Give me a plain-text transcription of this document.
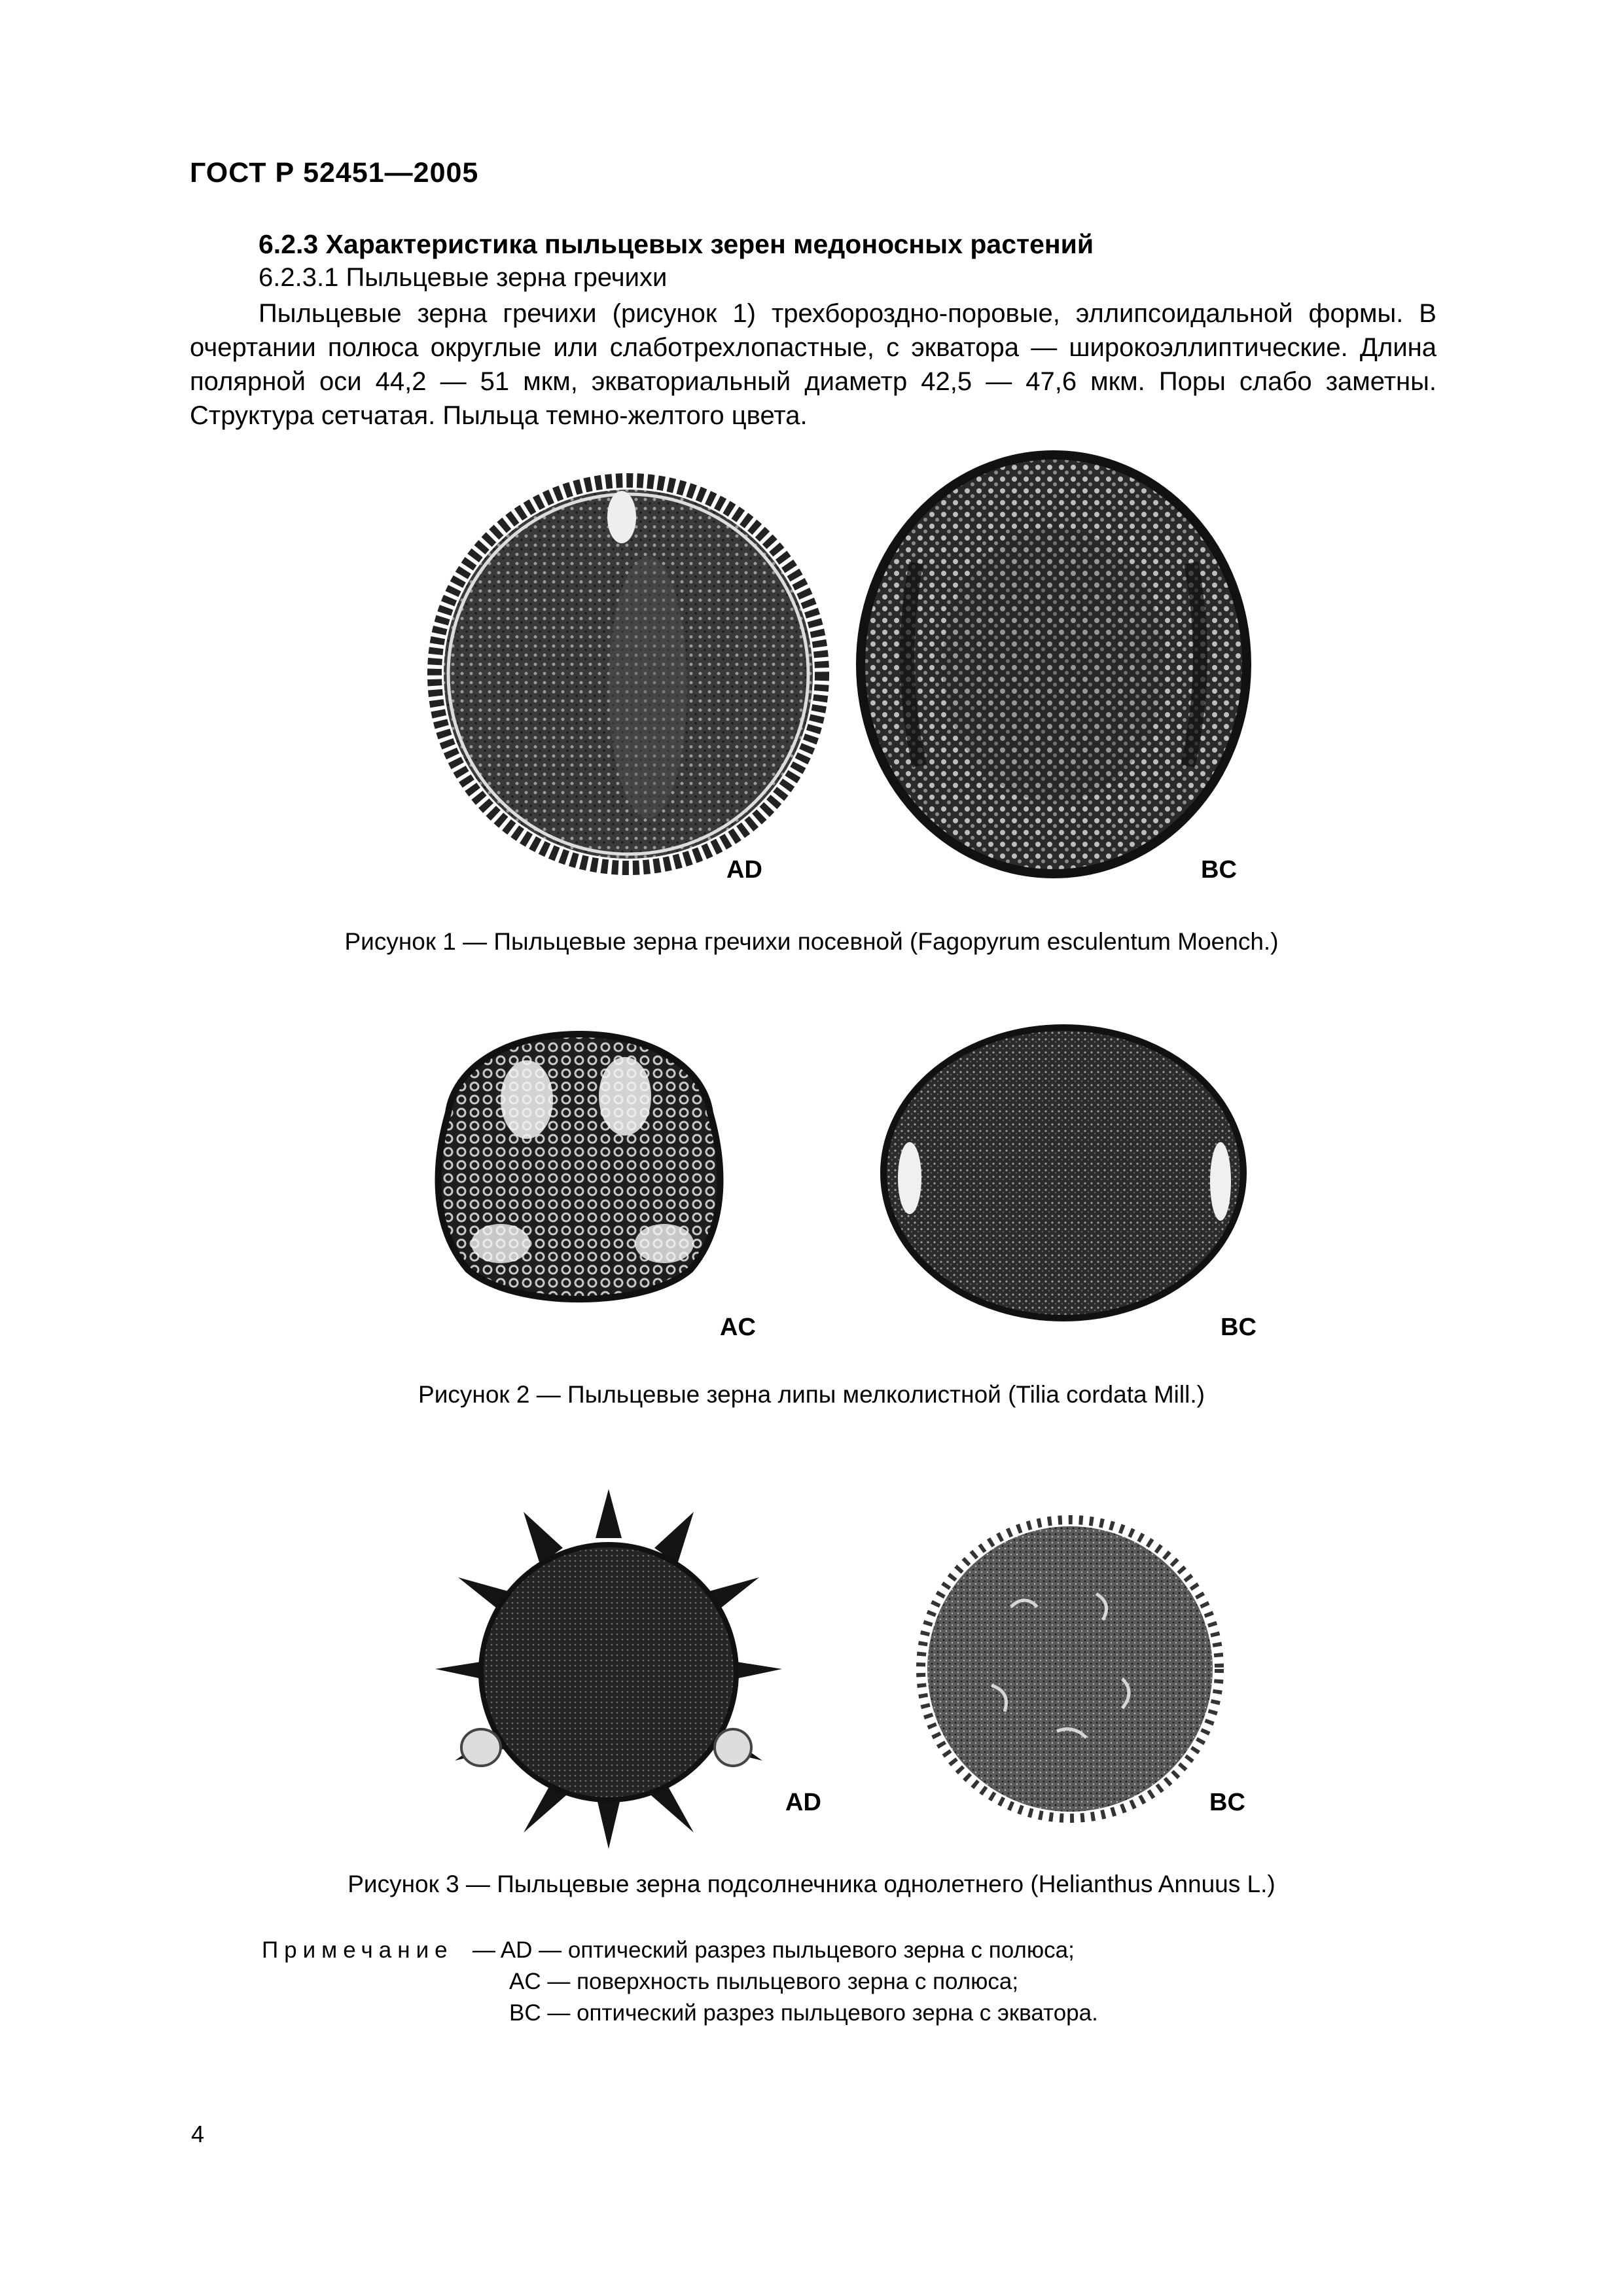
ГОСТ Р 52451—2005
6.2.3 Характеристика пыльцевых зерен медоносных растений
6.2.3.1 Пыльцевые зерна гречихи
Пыльцевые зерна гречихи (рисунок 1) трехбороздно-поровые, эллипсоидальной формы. В очертании полюса округлые или слаботрехлопастные, с экватора — широкоэллиптические. Длина полярной оси 44,2 — 51 мкм, экваториальный диаметр 42,5 — 47,6 мкм. Поры слабо заметны. Структура сетчатая. Пыльца темно-желтого цвета.
AD	BC
Рисунок 1 — Пыльцевые зерна гречихи посевной (Fagopyrum esculentum Moench.)
AC	BC
Рисунок 2 — Пыльцевые зерна липы мелколистной (Tilia cordata Mill.)
AD	BC
Рисунок 3 — Пыльцевые зерна подсолнечника однолетнего (Helianthus Annuus L.)
Примечание — AD — оптический разрез пыльцевого зерна с полюса;
AC — поверхность пыльцевого зерна с полюса;
BC — оптический разрез пыльцевого зерна с экватора.
4
